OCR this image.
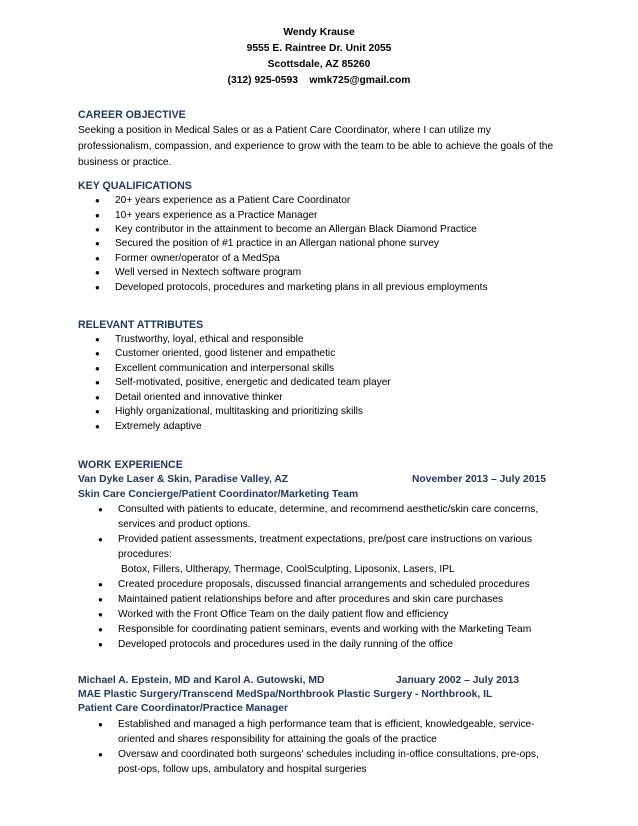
Wendy Krause
9555 E. Raintree Dr. Unit 2055
Scottsdale, AZ 85260
(312) 925-0593    wmk725@gmail.com
CAREER OBJECTIVE
Seeking a position in Medical Sales or as a Patient Care Coordinator, where I can utilize my
professionalism, compassion, and experience to grow with the team to be able to achieve the goals of the
business or practice.
KEY QUALIFICATIONS
● 20+ years experience as a Patient Care Coordinator
● 10+ years experience as a Practice Manager
● Key contributor in the attainment to become an Allergan Black Diamond Practice
● Secured the position of #1 practice in an Allergan national phone survey
● Former owner/operator of a MedSpa
● Well versed in Nextech software program
● Developed protocols, procedures and marketing plans in all previous employments
RELEVANT ATTRIBUTES
● Trustworthy, loyal, ethical and responsible
● Customer oriented, good listener and empathetic
● Excellent communication and interpersonal skills
● Self-motivated, positive, energetic and dedicated team player
● Detail oriented and innovative thinker
● Highly organizational, multitasking and prioritizing skills
● Extremely adaptive
WORK EXPERIENCE
Van Dyke Laser & Skin, Paradise Valley, AZ	November 2013 – July 2015
Skin Care Concierge/Patient Coordinator/Marketing Team
● Consulted with patients to educate, determine, and recommend aesthetic/skin care concerns,
services and product options.
● Provided patient assessments, treatment expectations, pre/post care instructions on various
procedures:
Botox, Fillers, Ultherapy, Thermage, CoolSculpting, Liposonix, Lasers, IPL
● Created procedure proposals, discussed financial arrangements and scheduled procedures
● Maintained patient relationships before and after procedures and skin care purchases
● Worked with the Front Office Team on the daily patient flow and efficiency
● Responsible for coordinating patient seminars, events and working with the Marketing Team
● Developed protocols and procedures used in the daily running of the office
Michael A. Epstein, MD and Karol A. Gutowski, MD	January 2002 – July 2013
MAE Plastic Surgery/Transcend MedSpa/Northbrook Plastic Surgery - Northbrook, IL
Patient Care Coordinator/Practice Manager
● Established and managed a high performance team that is efficient, knowledgeable, service-
oriented and shares responsibility for attaining the goals of the practice
● Oversaw and coordinated both surgeons' schedules including in-office consultations, pre-ops,
post-ops, follow ups, ambulatory and hospital surgeries
